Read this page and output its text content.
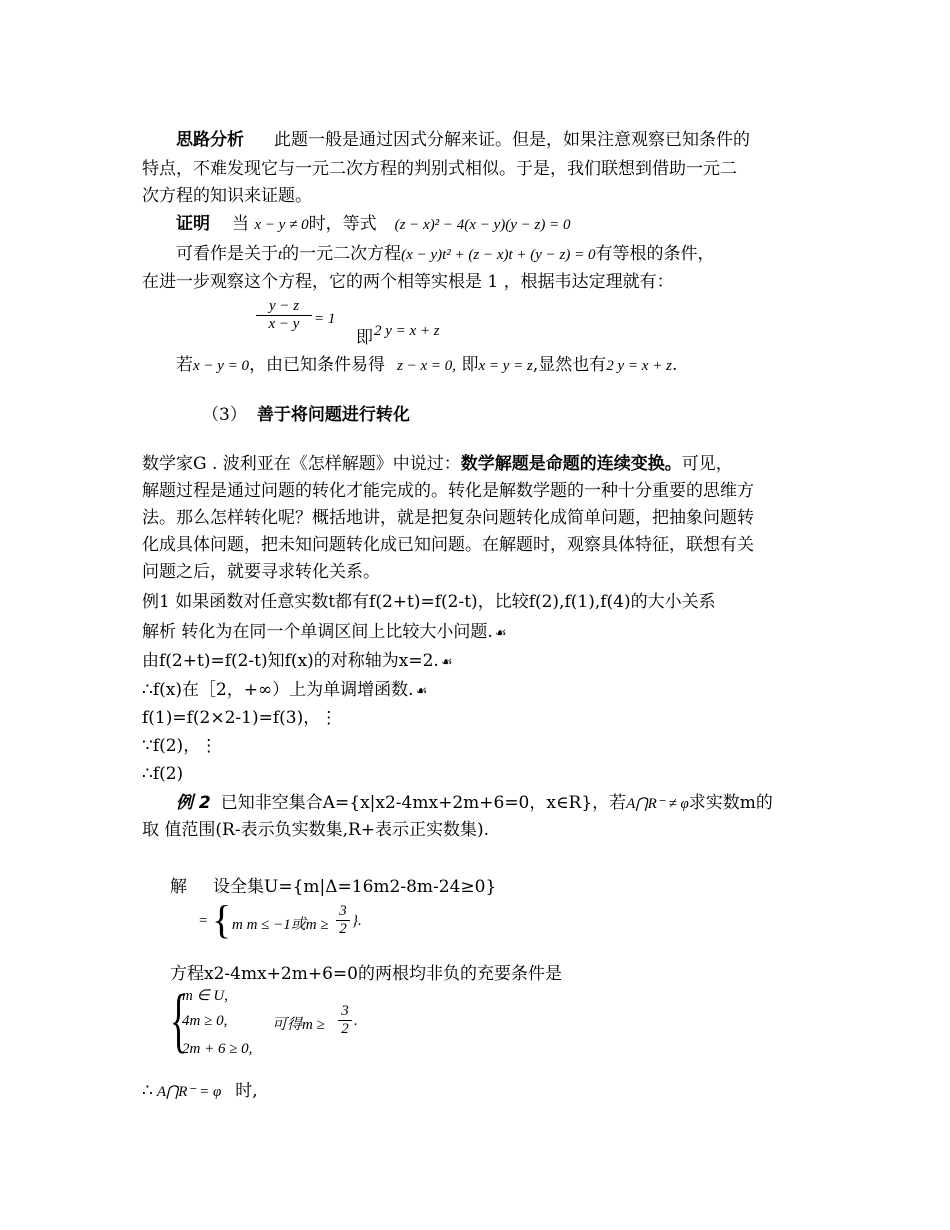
思路分析 此题一般是通过因式分解来证。但是，如果注意观察已知条件的
特点，不难发现它与一元二次方程的判别式相似。于是，我们联想到借助一元二
次方程的知识来证题。
证明 当 x − y ≠ 0时，等式 (z − x)² − 4(x − y)(y − z) = 0
可看作是关于t的一元二次方程(x − y)t² + (z − x)t + (y − z) = 0有等根的条件，
在进一步观察这个方程，它的两个相等实根是 1 ，根据韦达定理就有：
$\frac{y - z}{x - y} = 1$
即 2 y = x + z
若x − y = 0，由已知条件易得 z − x = 0, 即x = y = z,显然也有2 y = x + z.
（3） 善于将问题进行转化
数学家G . 波利亚在《怎样解题》中说过：数学解题是命题的连续变换。可见，
解题过程是通过问题的转化才能完成的。转化是解数学题的一种十分重要的思维方
法。那么怎样转化呢？概括地讲，就是把复杂问题转化成简单问题，把抽象问题转
化成具体问题，把未知问题转化成已知问题。在解题时，观察具体特征，联想有关
问题之后，就要寻求转化关系。
例1 如果函数对任意实数t都有f(2+t)=f(2-t)，比较f(2),f(1),f(4)的大小关系
解析 转化为在同一个单调区间上比较大小问题. ☙
由f(2+t)=f(2-t)知f(x)的对称轴为x=2. ☙
∴f(x)在［2，+∞）上为单调增函数. ☙
f(1)=f(2×2-1)=f(3)，⋮
∵f(2)，⋮
∴f(2)
例 2 已知非空集合A={x|x2-4mx+2m+6=0，x∈R}，若A⋂R⁻ ≠ φ求实数m的
取 值范围(R-表示负实数集,R+表示正实数集).
解 设全集U={m|Δ=16m2-8m-24≥0}
= { m m ≤ −1或$m \ge \frac{3}{2}$ }.
方程x2-4mx+2m+6=0的两根均非负的充要条件是
{
m ∈ U,
4m ≥ 0,
2m + 6 ≥ 0,
可得$m \ge \frac{3}{2}$ .
∴ A⋂R⁻ = φ 时,
